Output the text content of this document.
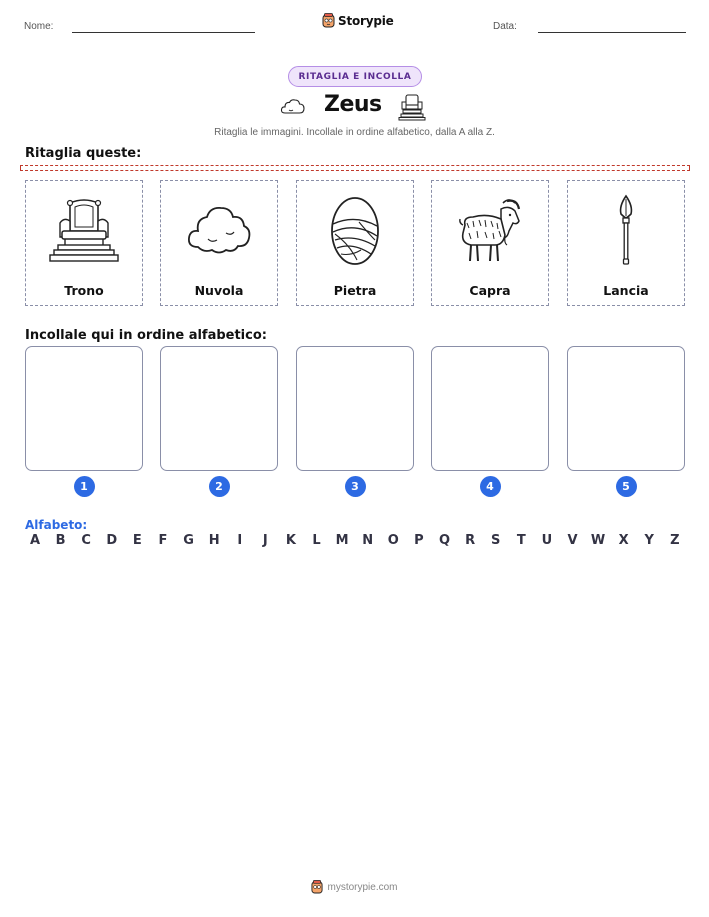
Nome:	Storypie	Data:
RITAGLIA E INCOLLA
Zeus
Ritaglia le immagini. Incollale in ordine alfabetico, dalla A alla Z.
Ritaglia queste:
Trono	Nuvola	Pietra	Capra	Lancia
Incollale qui in ordine alfabetico:
1	2	3	4	5
Alfabeto:
A	B	C	D	E	F	G	H	I	J	K	L	M	N	O	P	Q	R	S	T	U	V	W	X	Y	Z
mystorypie.com
